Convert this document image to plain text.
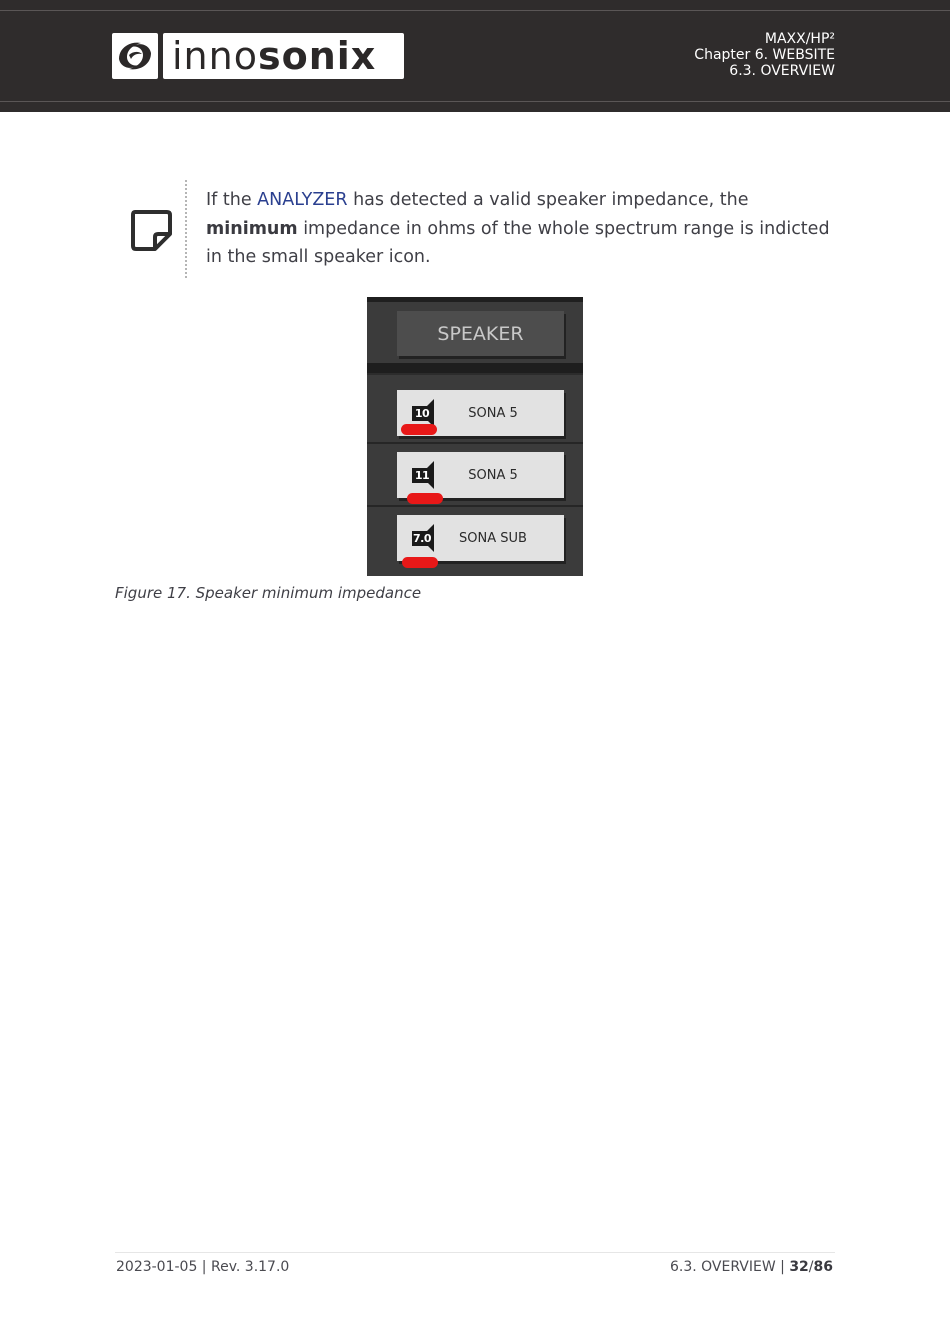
inno sonix	MAXX/HP²
Chapter 6. WEBSITE
6.3. OVERVIEW
If the ANALYZER has detected a valid speaker impedance, the minimum impedance in ohms of the whole spectrum range is indicted in the small speaker icon.
SPEAKER
10	SONA 5
11	SONA 5
7.0	SONA SUB
Figure 17. Speaker minimum impedance
2023-01-05 | Rev. 3.17.0	6.3. OVERVIEW | 32/86
